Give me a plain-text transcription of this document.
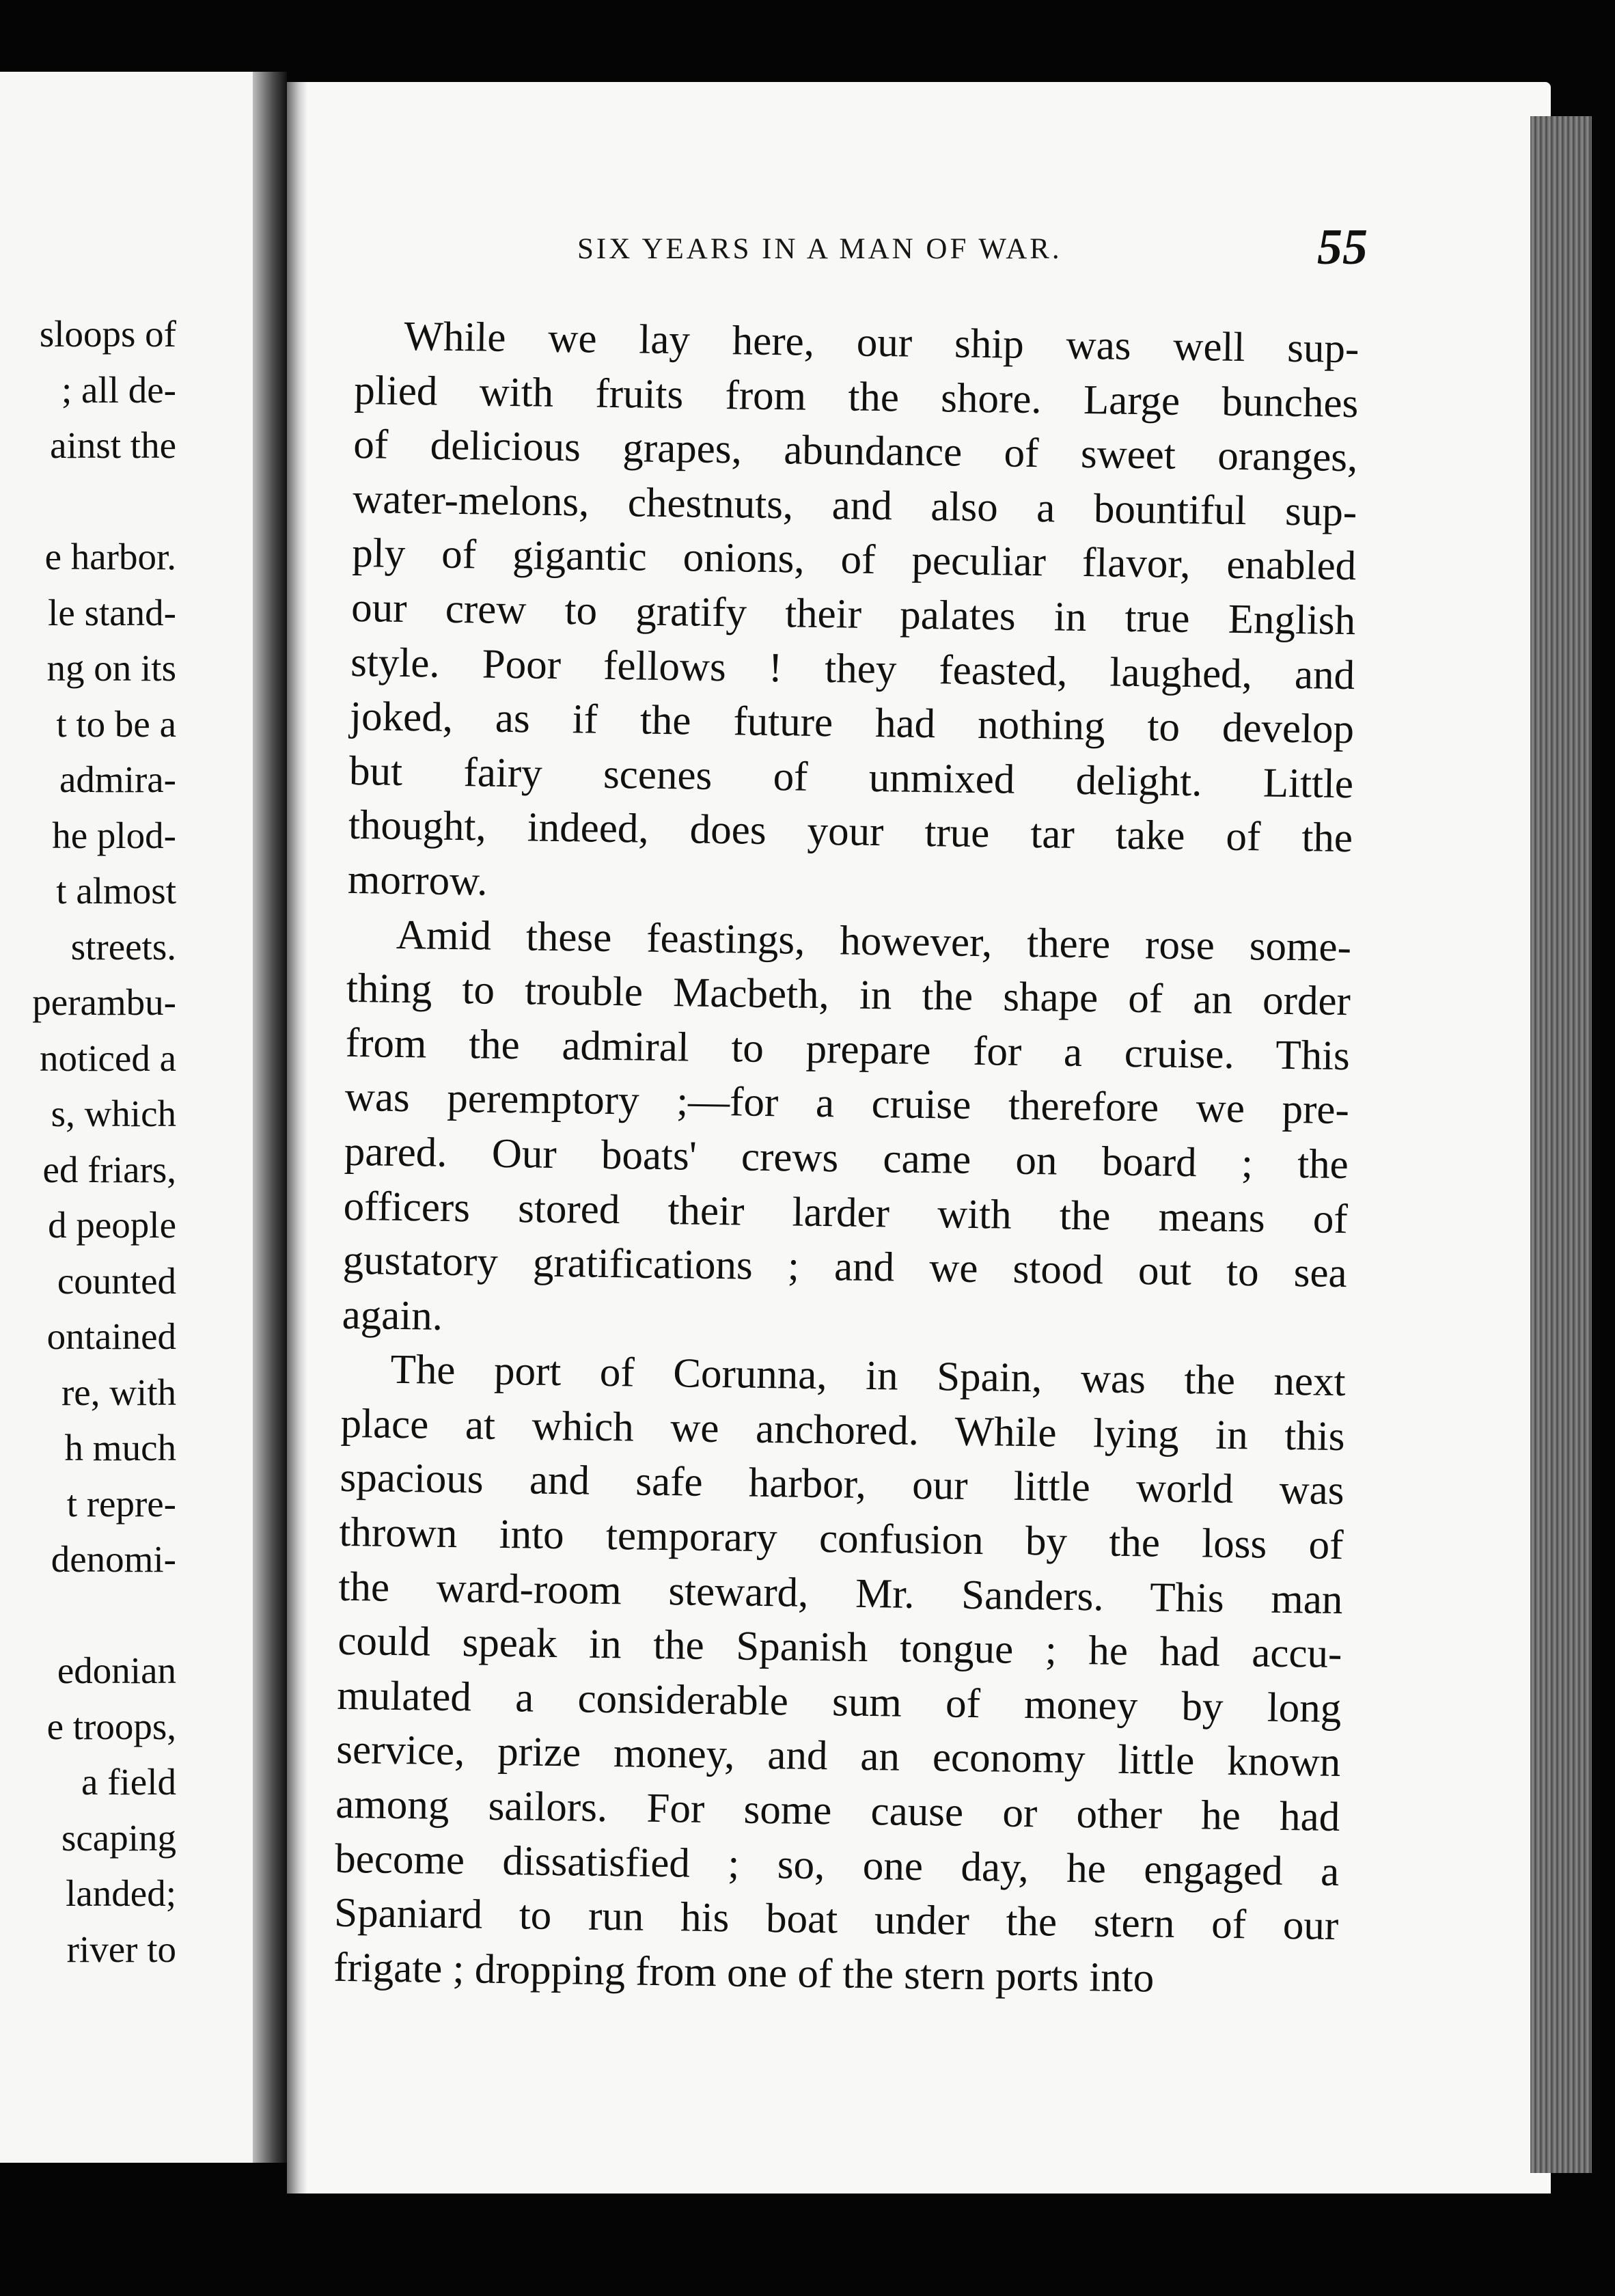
sloops of
; all de-
ainst the
e harbor.
le stand-
ng on its
t to be a
admira-
he plod-
t almost
streets.
perambu-
noticed a
s, which
ed friars,
d people
counted
ontained
re, with
h much
t repre-
denomi-
edonian
e troops,
a field
scaping
landed;
river to
SIX YEARS IN A MAN OF WAR.	55
While we lay here, our ship was well sup-
plied with fruits from the shore. Large bunches
of delicious grapes, abundance of sweet oranges,
water-melons, chestnuts, and also a bountiful sup-
ply of gigantic onions, of peculiar flavor, enabled
our crew to gratify their palates in true English
style. Poor fellows ! they feasted, laughed, and
joked, as if the future had nothing to develop
but fairy scenes of unmixed delight. Little
thought, indeed, does your true tar take of the
morrow.
Amid these feastings, however, there rose some-
thing to trouble Macbeth, in the shape of an order
from the admiral to prepare for a cruise. This
was peremptory ;—for a cruise therefore we pre-
pared. Our boats' crews came on board ; the
officers stored their larder with the means of
gustatory gratifications ; and we stood out to sea
again.
The port of Corunna, in Spain, was the next
place at which we anchored. While lying in this
spacious and safe harbor, our little world was
thrown into temporary confusion by the loss of
the ward-room steward, Mr. Sanders. This man
could speak in the Spanish tongue ; he had accu-
mulated a considerable sum of money by long
service, prize money, and an economy little known
among sailors. For some cause or other he had
become dissatisfied ; so, one day, he engaged a
Spaniard to run his boat under the stern of our
frigate ; dropping from one of the stern ports into
